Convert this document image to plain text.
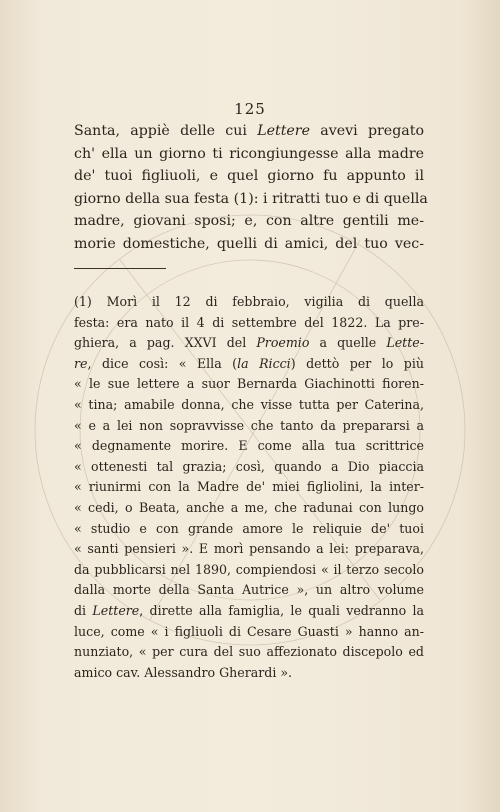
125
Santa, appiè delle cui Lettere avevi pregato
ch' ella un giorno ti ricongiungesse alla madre
de' tuoi figliuoli, e quel giorno fu appunto il
giorno della sua festa (1): i ritratti tuo e di quella
madre, giovani sposi; e, con altre gentili me-
morie domestiche, quelli di amici, del tuo vec-
(1) Morì il 12 di febbraio, vigilia di quella
festa: era nato il 4 di settembre del 1822. La pre-
ghiera, a pag. XXVI del Proemio a quelle Lette-
re, dice così: « Ella (la Ricci) dettò per lo più
« le sue lettere a suor Bernarda Giachinotti fioren-
« tina; amabile donna, che visse tutta per Caterina,
« e a lei non sopravvisse che tanto da prepararsi a
« degnamente morire. E come alla tua scrittrice
« ottenesti tal grazia; così, quando a Dio piaccia
« riunirmi con la Madre de' miei figliolini, la inter-
« cedi, o Beata, anche a me, che radunai con lungo
« studio e con grande amore le reliquie de' tuoi
« santi pensieri ». E morì pensando a lei: preparava,
da pubblicarsi nel 1890, compiendosi « il terzo secolo
dalla morte della Santa Autrice », un altro volume
di Lettere, dirette alla famiglia, le quali vedranno la
luce, come « i figliuoli di Cesare Guasti » hanno an-
nunziato, « per cura del suo affezionato discepolo ed
amico cav. Alessandro Gherardi ».
